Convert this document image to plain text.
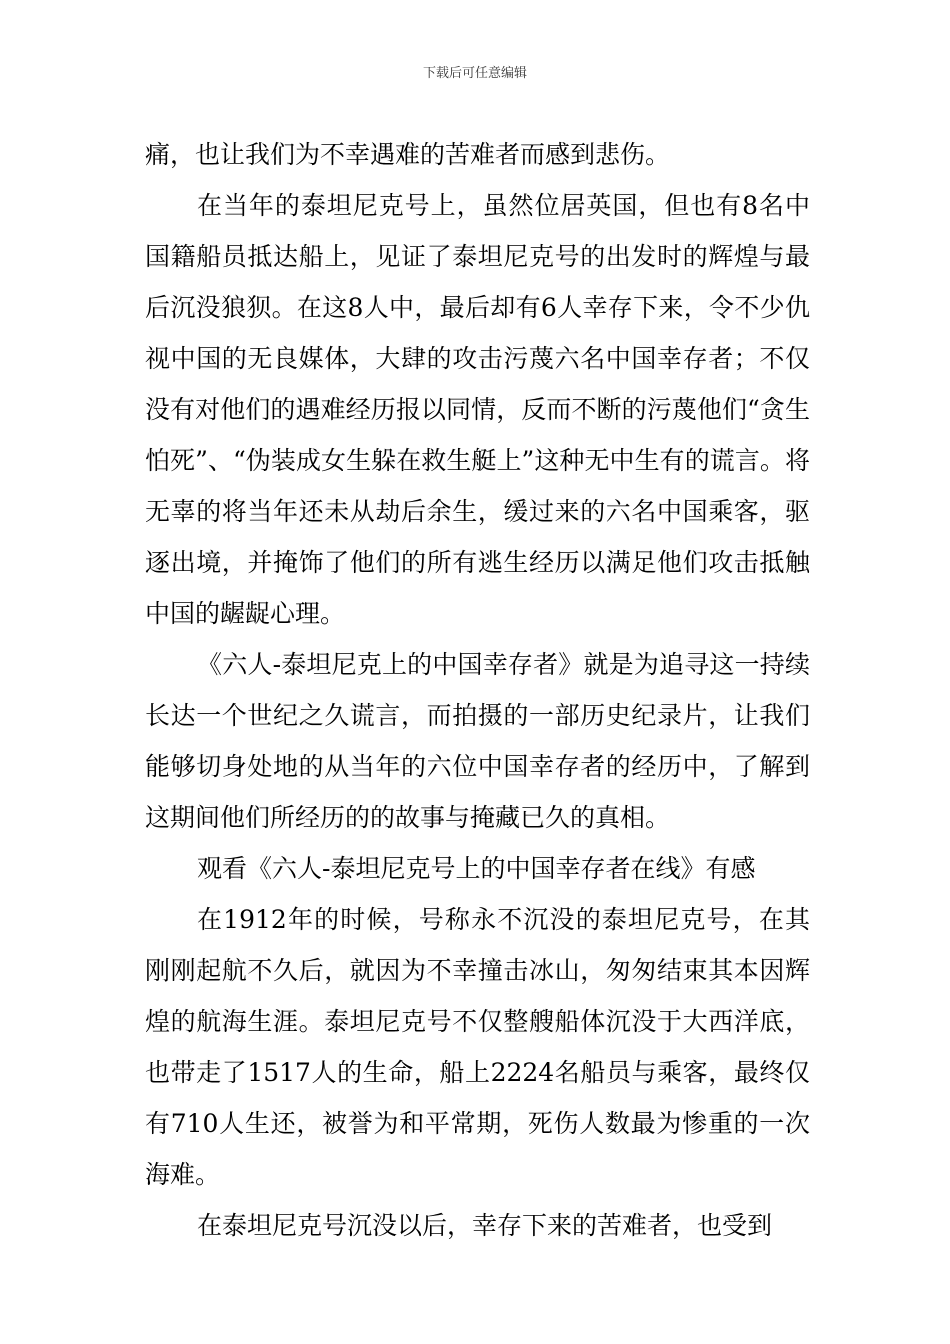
下载后可任意编辑

痛，也让我们为不幸遇难的苦难者而感到悲伤。

在当年的泰坦尼克号上，虽然位居英国，但也有8名中国籍船员抵达船上，见证了泰坦尼克号的出发时的辉煌与最后沉没狼狈。在这8人中，最后却有6人幸存下来，令不少仇视中国的无良媒体，大肆的攻击污蔑六名中国幸存者；不仅没有对他们的遇难经历报以同情，反而不断的污蔑他们“贪生怕死”、“伪装成女生躲在救生艇上”这种无中生有的谎言。将无辜的将当年还未从劫后余生，缓过来的六名中国乘客，驱逐出境，并掩饰了他们的所有逃生经历以满足他们攻击抵触中国的龌龊心理。

《六人-泰坦尼克上的中国幸存者》就是为追寻这一持续长达一个世纪之久谎言，而拍摄的一部历史纪录片，让我们能够切身处地的从当年的六位中国幸存者的经历中，了解到这期间他们所经历的的故事与掩藏已久的真相。

观看《六人-泰坦尼克号上的中国幸存者在线》有感

在1912年的时候，号称永不沉没的泰坦尼克号，在其刚刚起航不久后，就因为不幸撞击冰山，匆匆结束其本因辉煌的航海生涯。泰坦尼克号不仅整艘船体沉没于大西洋底，也带走了1517人的生命，船上2224名船员与乘客，最终仅有710人生还，被誉为和平常期，死伤人数最为惨重的一次海难。

在泰坦尼克号沉没以后，幸存下来的苦难者，也受到
